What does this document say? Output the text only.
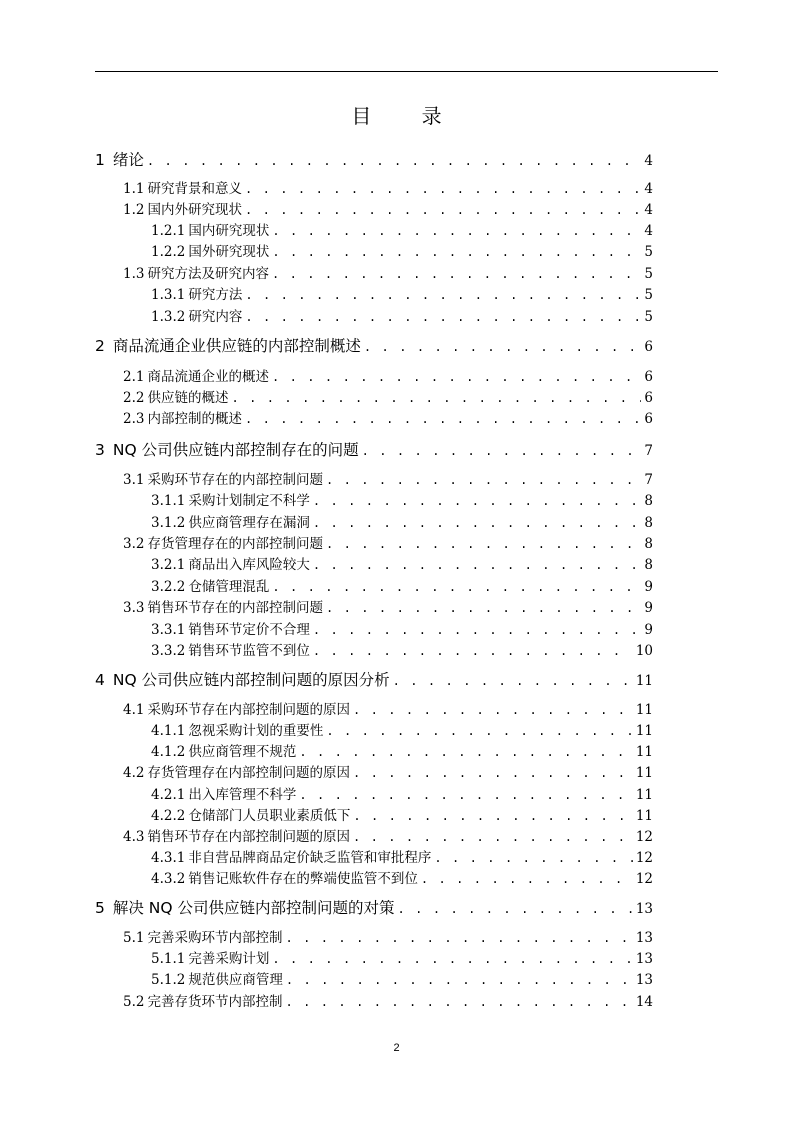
目 录
1 绪论 . . .	4
1.1 研究背景和意义 . . .	4
1.2 国内外研究现状 . . .	4
1.2.1 国内研究现状 . . .	4
1.2.2 国外研究现状 . . .	5
1.3 研究方法及研究内容 . . .	5
1.3.1 研究方法 . . .	5
1.3.2 研究内容 . . .	5
2 商品流通企业供应链的内部控制概述 . . .	6
2.1 商品流通企业的概述 . . .	6
2.2 供应链的概述 . . .	6
2.3 内部控制的概述 . . .	6
3 NQ 公司供应链内部控制存在的问题 . . .	7
3.1 采购环节存在的内部控制问题 . . .	7
3.1.1 采购计划制定不科学 . . .	8
3.1.2 供应商管理存在漏洞 . . .	8
3.2 存货管理存在的内部控制问题 . . .	8
3.2.1 商品出入库风险较大 . . .	8
3.2.2 仓储管理混乱 . . .	9
3.3 销售环节存在的内部控制问题 . . .	9
3.3.1 销售环节定价不合理 . . .	9
3.3.2 销售环节监管不到位 . . .	10
4 NQ 公司供应链内部控制问题的原因分析 . . .	11
4.1 采购环节存在内部控制问题的原因 . . .	11
4.1.1 忽视采购计划的重要性 . . .	11
4.1.2 供应商管理不规范 . . .	11
4.2 存货管理存在内部控制问题的原因 . . .	11
4.2.1 出入库管理不科学 . . .	11
4.2.2 仓储部门人员职业素质低下 . . .	11
4.3 销售环节存在内部控制问题的原因 . . .	12
4.3.1 非自营品牌商品定价缺乏监管和审批程序 . . .	12
4.3.2 销售记账软件存在的弊端使监管不到位 . . .	12
5 解决 NQ 公司供应链内部控制问题的对策 . . .	13
5.1 完善采购环节内部控制 . . .	13
5.1.1 完善采购计划 . . .	13
5.1.2 规范供应商管理 . . .	13
5.2 完善存货环节内部控制 . . .	14
2
